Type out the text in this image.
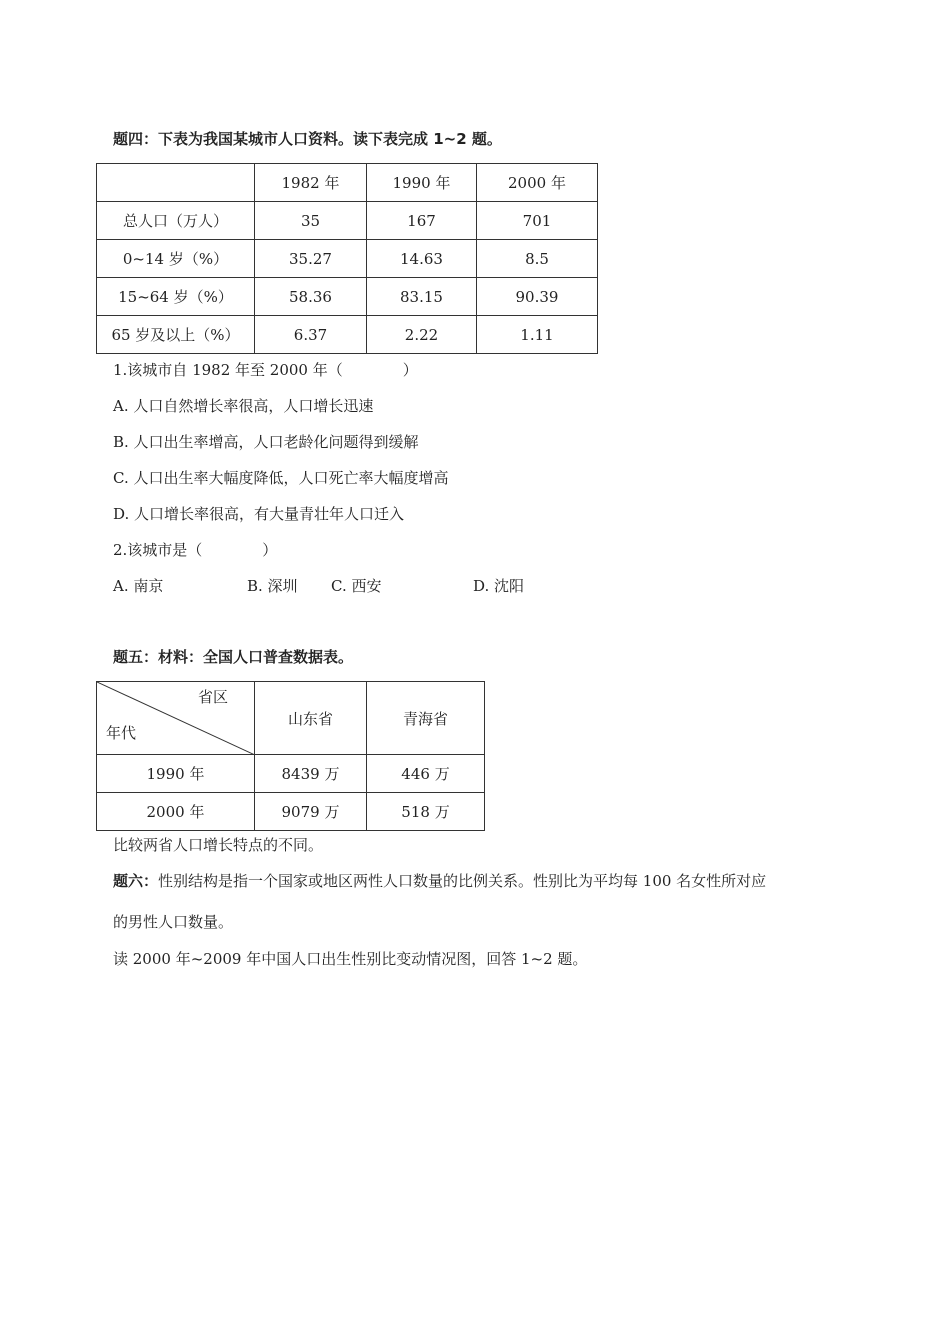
题四：下表为我国某城市人口资料。读下表完成 1~2 题。
	1982 年	1990 年	2000 年
总人口（万人）	35	167	701
0~14 岁（%）	35.27	14.63	8.5
15~64 岁（%）	58.36	83.15	90.39
65 岁及以上（%）	6.37	2.22	1.11
1.该城市自 1982 年至 2000 年（　　　　）
A. 人口自然增长率很高，人口增长迅速
B. 人口出生率增高，人口老龄化问题得到缓解
C. 人口出生率大幅度降低，人口死亡率大幅度增高
D. 人口增长率很高，有大量青壮年人口迁入
2.该城市是（　　　　）
A. 南京	B. 深圳 C. 西安	D. 沈阳
题五：材料：全国人口普查数据表。
省区
年代	山东省	青海省
1990 年	8439 万	446 万
2000 年	9079 万	518 万
比较两省人口增长特点的不同。
题六：性别结构是指一个国家或地区两性人口数量的比例关系。性别比为平均每 100 名女性所对应
的男性人口数量。
读 2000 年~2009 年中国人口出生性别比变动情况图，回答 1~2 题。
